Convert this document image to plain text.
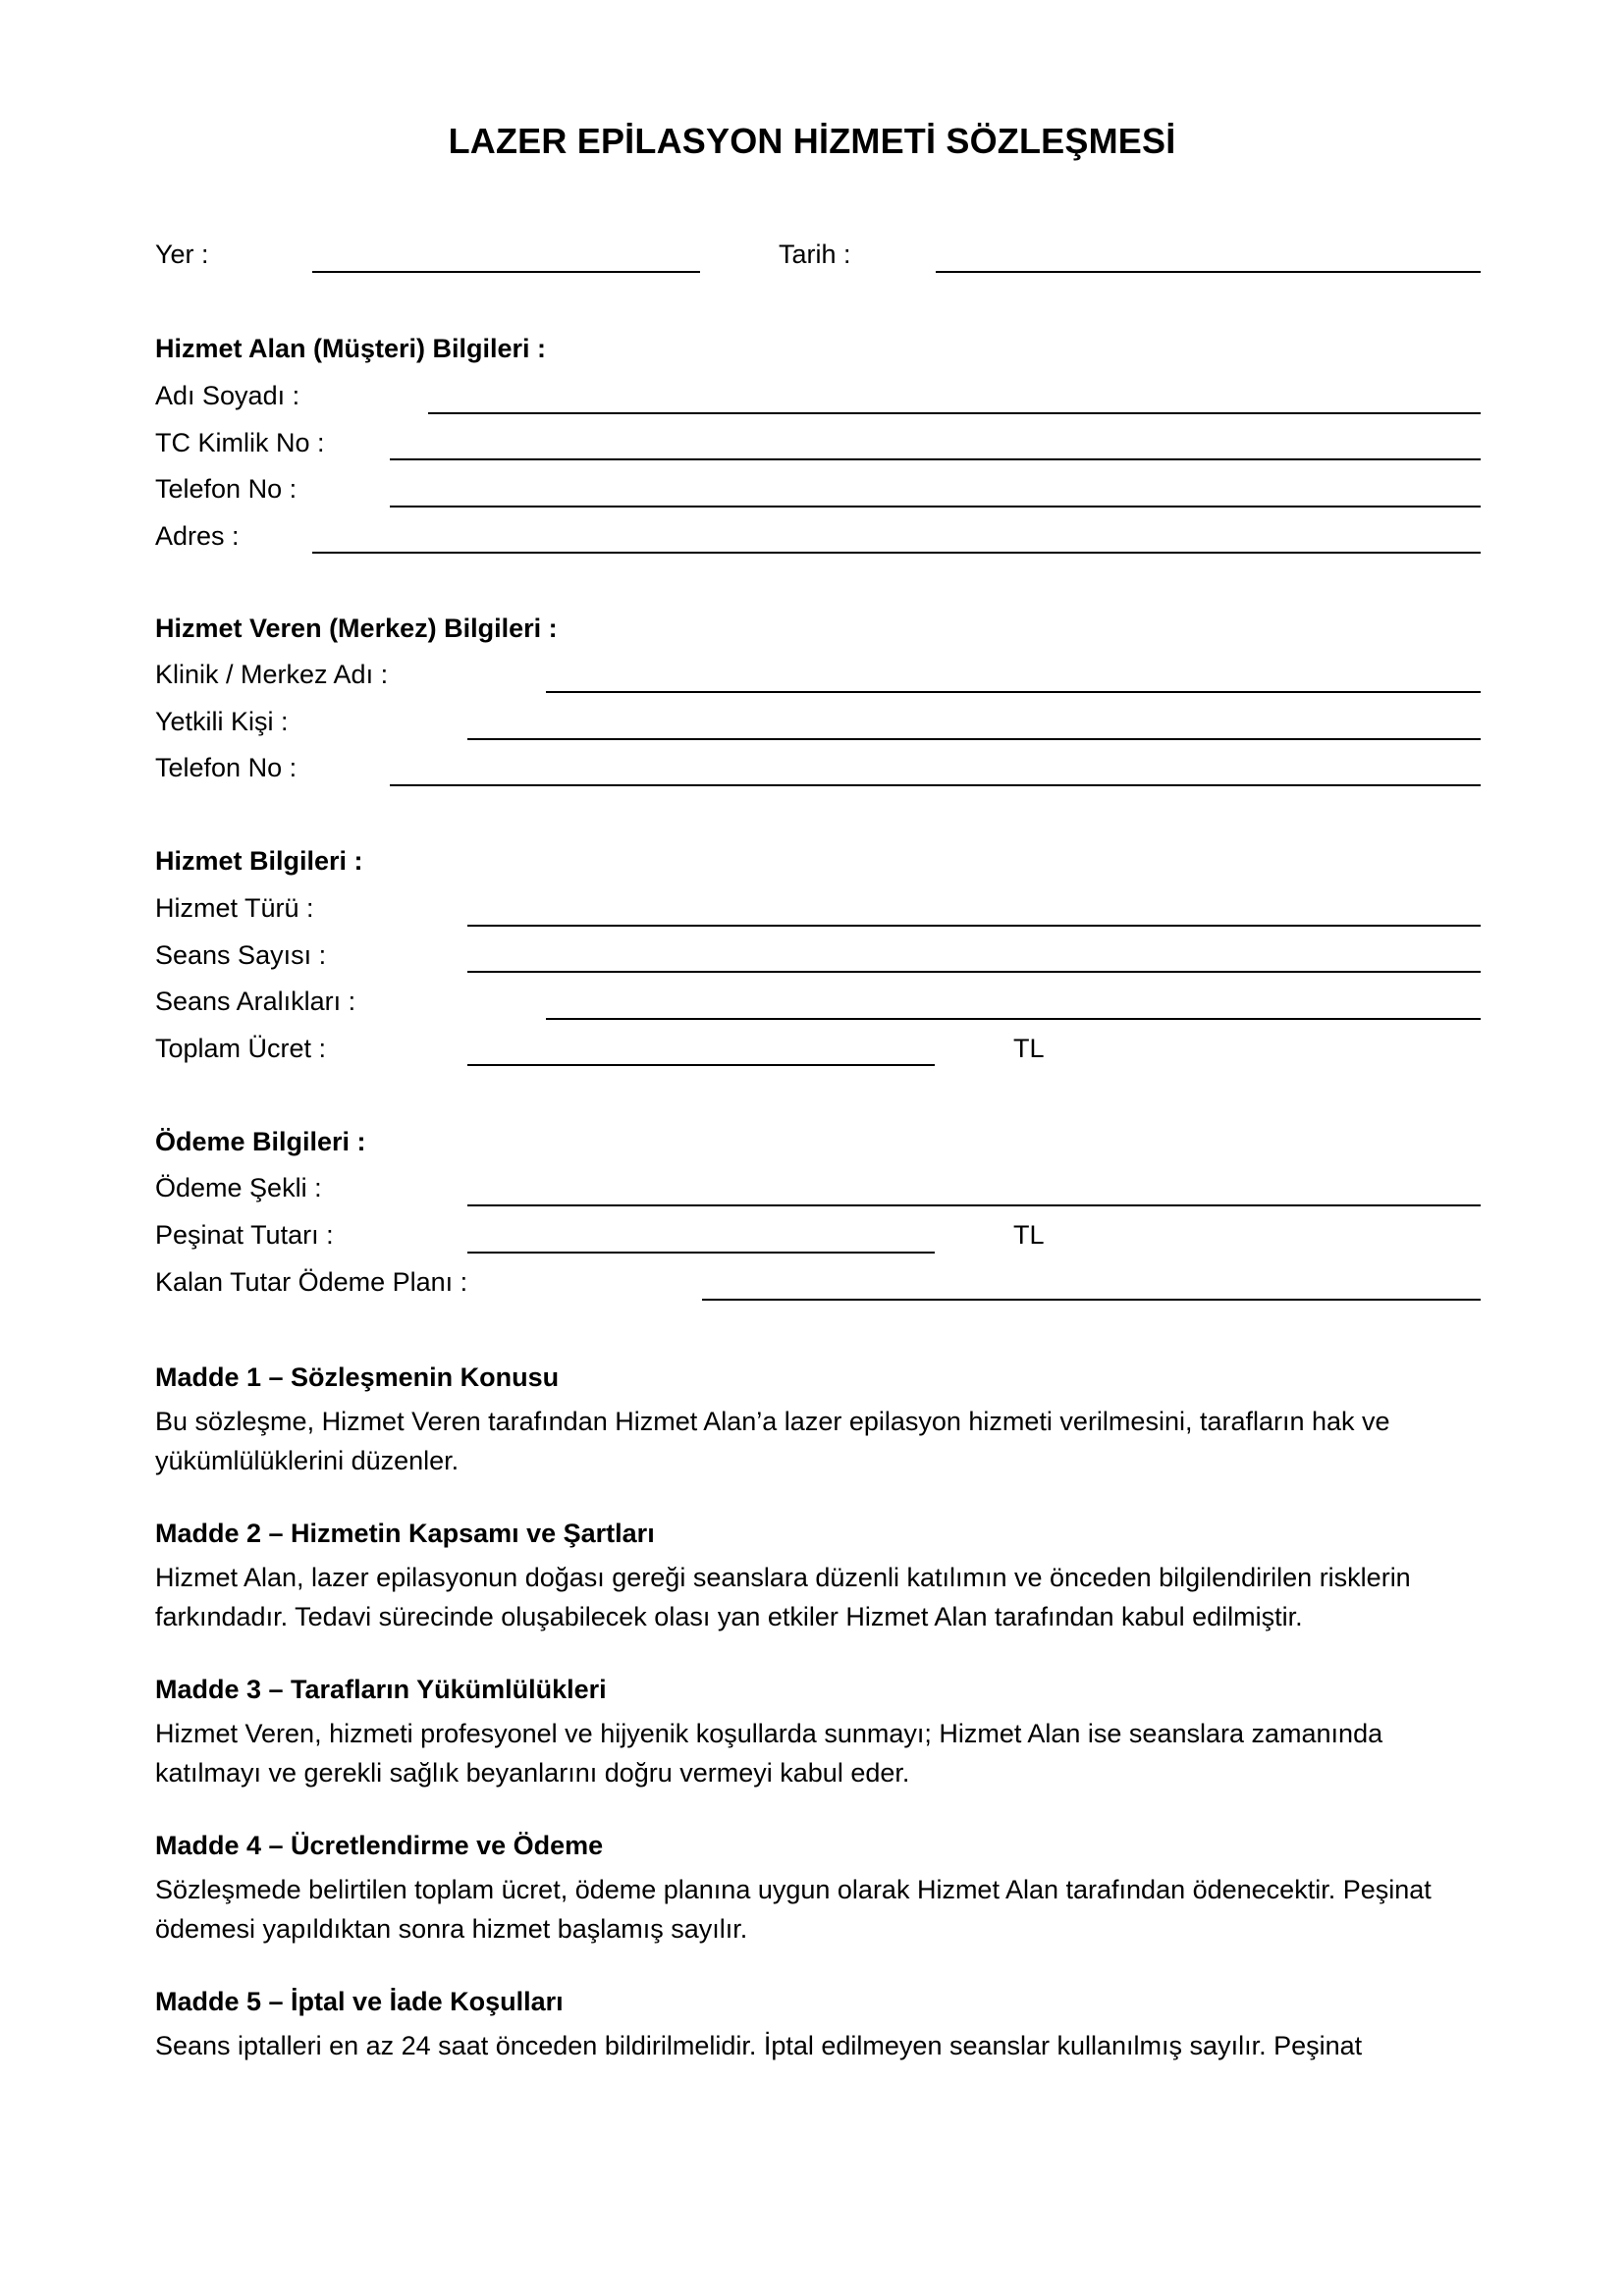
LAZER EPİLASYON HİZMETİ SÖZLEŞMESİ
Yer :	Tarih :
Hizmet Alan (Müşteri) Bilgileri :
Adı Soyadı :
TC Kimlik No :
Telefon No :
Adres :
Hizmet Veren (Merkez) Bilgileri :
Klinik / Merkez Adı :
Yetkili Kişi :
Telefon No :
Hizmet Bilgileri :
Hizmet Türü :
Seans Sayısı :
Seans Aralıkları :
Toplam Ücret :	TL
Ödeme Bilgileri :
Ödeme Şekli :
Peşinat Tutarı :	TL
Kalan Tutar Ödeme Planı :
Madde 1 – Sözleşmenin Konusu
Bu sözleşme, Hizmet Veren tarafından Hizmet Alan’a lazer epilasyon hizmeti verilmesini, tarafların hak ve yükümlülüklerini düzenler.
Madde 2 – Hizmetin Kapsamı ve Şartları
Hizmet Alan, lazer epilasyonun doğası gereği seanslara düzenli katılımın ve önceden bilgilendirilen risklerin farkındadır. Tedavi sürecinde oluşabilecek olası yan etkiler Hizmet Alan tarafından kabul edilmiştir.
Madde 3 – Tarafların Yükümlülükleri
Hizmet Veren, hizmeti profesyonel ve hijyenik koşullarda sunmayı; Hizmet Alan ise seanslara zamanında katılmayı ve gerekli sağlık beyanlarını doğru vermeyi kabul eder.
Madde 4 – Ücretlendirme ve Ödeme
Sözleşmede belirtilen toplam ücret, ödeme planına uygun olarak Hizmet Alan tarafından ödenecektir. Peşinat ödemesi yapıldıktan sonra hizmet başlamış sayılır.
Madde 5 – İptal ve İade Koşulları
Seans iptalleri en az 24 saat önceden bildirilmelidir. İptal edilmeyen seanslar kullanılmış sayılır. Peşinat
